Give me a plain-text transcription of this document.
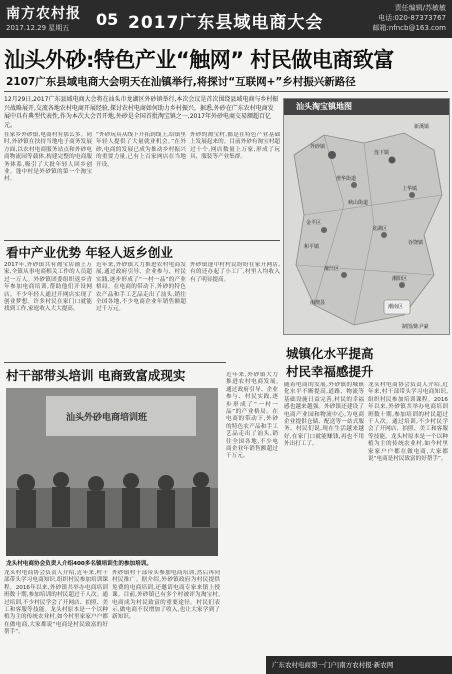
南方农村报
2017.12.29 星期五 05 2017广东县域电商大会
责任编辑/苏敏敏
电话:020-87373767
邮箱:nfncb@163.com
汕头外砂:特色产业“触网” 村民做电商致富
2107广东县域电商大会明天在汕镇举行,将探讨“互联网+”乡村振兴新路径
12月29日,2017广东县域电商大会将在汕头市龙湖区外砂镇举行,本次会议是首次围绕县域电商与乡村振兴战略展开,交流各地农村电商开展经验,探讨农村电商如何助力乡村振兴。据悉,外砂在广东农村电商发展中具有典型代表性,作为本次大会召开地,外砂是全国首批淘宝镇之一,2017年外砂电商交易额超百亿元。

在家乡外砂镇,电商村有那么多。同时,外砂镇在扶持当地电子商务发展方面,以农村电商服务站点和外砂电商物流园等载体,构建完整的电商服务体系,吸引了大批年轻人回乡创业。蓬中村是外砂镇的第一个淘宝村。

“外砂玩具从线下开拓到线上,给镇里年轻人提供了大量就业机会。”在外砂,电商的发展已成为推动乡村振兴的重要力量,已有上百家网店在当地开设。

外砂的淘宝村,都是在特色产业基础上发展起来的。目前外砂有淘宝村超过十个,网店数量上万家,形成了玩具、服装等产业集群。

汕头淘宝镇地图
外砂镇
莲下镇
澄华街道
上华镇
金平区
龙湖区
濠江区
潮阳区
潮南区
南澳县
新溪镇
峡山街道
和平镇
谷饶镇
制图/陈尹豪
看中产业优势 年轻人返乡创业

2017年,外砂镇共有淘宝店铺上万家,全镇从事电商相关工作的人员超过一万人。外砂镇团委组织返乡青年参加电商培训,帮助他们开设网店。不少年轻人通过开网店实现了创业梦想。许多村民在家门口就能找到工作,家庭收入大大提高。

近年来,外砂镇大力推进农村电商发展,通过政府引导、企业参与、村民实践,逐步形成了“一村一品”的产业格局。在电商的带动下,外砂的特色农产品和手工艺品走出了汕头,销往全国各地,不少电商企业年销售额超过千万元。

外砂镇蓬中村村民纷纷在家开网店,有的还办起了小工厂,村里人均收入有了明显提高。

村干部带头培训 电商致富成现实
汕头外砂电商培训班
龙头村电商协会负责人介绍400多名镇培训生的参加培训。

龙头村电商协会负责人介绍,近年来,村干部带头学习电商知识,组织村民参加培训课程。2016年以来,外砂镇共举办电商培训班数十期,参加培训的村民超过千人次。通过培训,不少村民学会了开网店、拍照、美工和客服等技能。龙头村原本是一个以种植为主的传统农业村,如今村里家家户户都在做电商,大家都说“电商是村民致富的好帮手”。

外砂镇村干部带头参加电商培训,然后再向村民推广。据介绍,外砂镇政府为村民提供免费的电商培训,还邀请电商专家来镇上授课。目前,外砂镇已有多个村被评为淘宝村,电商成为村民致富的重要途径。村民们表示,做电商不仅增加了收入,也让大家学到了新知识。

近年来,外砂镇大力推进农村电商发展,通过政府引导、企业参与、村民实践,逐步形成了“一村一品”的产业格局。在电商的带动下,外砂的特色农产品和手工艺品走出了汕头,销往全国各地,不少电商企业年销售额超过千万元。

城镇化水平提高
村民幸福感提升

随着电商的发展,外砂镇的城镇化水平不断提高,道路、物流等基础设施日益完善,村民的幸福感也越来越强。外砂镇还建设了电商产业园和物流中心,为电商企业提供仓储、配送等一站式服务。村民们说,现在生活越来越好,在家门口就能赚钱,再也不用外出打工了。

龙头村电商协会负责人介绍,近年来,村干部带头学习电商知识,组织村民参加培训课程。2016年以来,外砂镇共举办电商培训班数十期,参加培训的村民超过千人次。通过培训,不少村民学会了开网店、拍照、美工和客服等技能。龙头村原本是一个以种植为主的传统农业村,如今村里家家户户都在做电商,大家都说“电商是村民致富的好帮手”。

广东农村电商第一门户|南方农村报·新农网
